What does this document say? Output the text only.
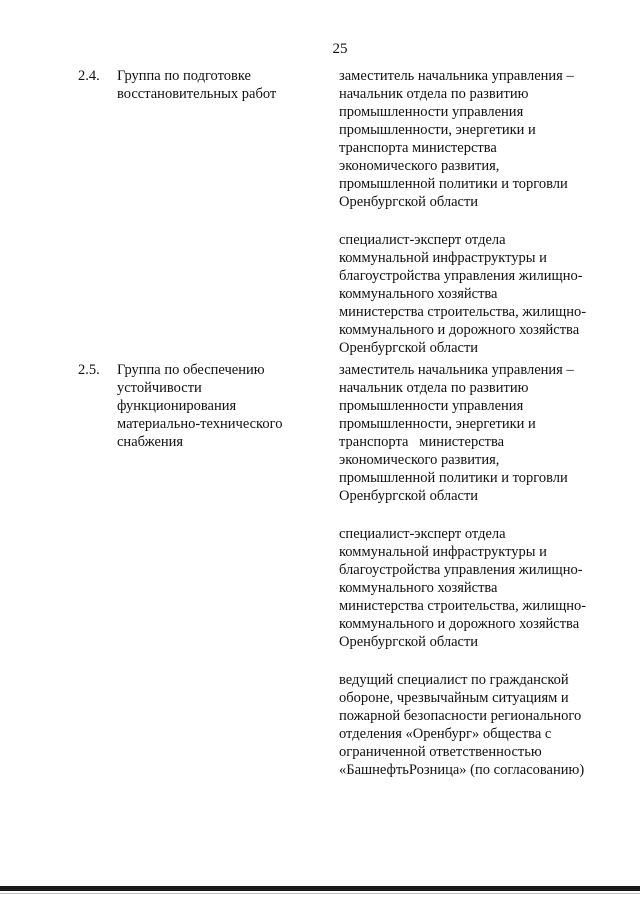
25
2.4. Группа по подготовке
восстановительных работ
заместитель начальника управления –
начальник отдела по развитию
промышленности управления
промышленности, энергетики и
транспорта министерства
экономического развития,
промышленной политики и торговли
Оренбургской области
специалист-эксперт отдела
коммунальной инфраструктуры и
благоустройства управления жилищно-
коммунального хозяйства
министерства строительства, жилищно-
коммунального и дорожного хозяйства
Оренбургской области
2.5. Группа по обеспечению
устойчивости
функционирования
материально-технического
снабжения
заместитель начальника управления –
начальник отдела по развитию
промышленности управления
промышленности, энергетики и
транспорта   министерства
экономического развития,
промышленной политики и торговли
Оренбургской области
специалист-эксперт отдела
коммунальной инфраструктуры и
благоустройства управления жилищно-
коммунального хозяйства
министерства строительства, жилищно-
коммунального и дорожного хозяйства
Оренбургской области
ведущий специалист по гражданской
обороне, чрезвычайным ситуациям и
пожарной безопасности регионального
отделения «Оренбург» общества с
ограниченной ответственностью
«БашнефтьРозница» (по согласованию)
